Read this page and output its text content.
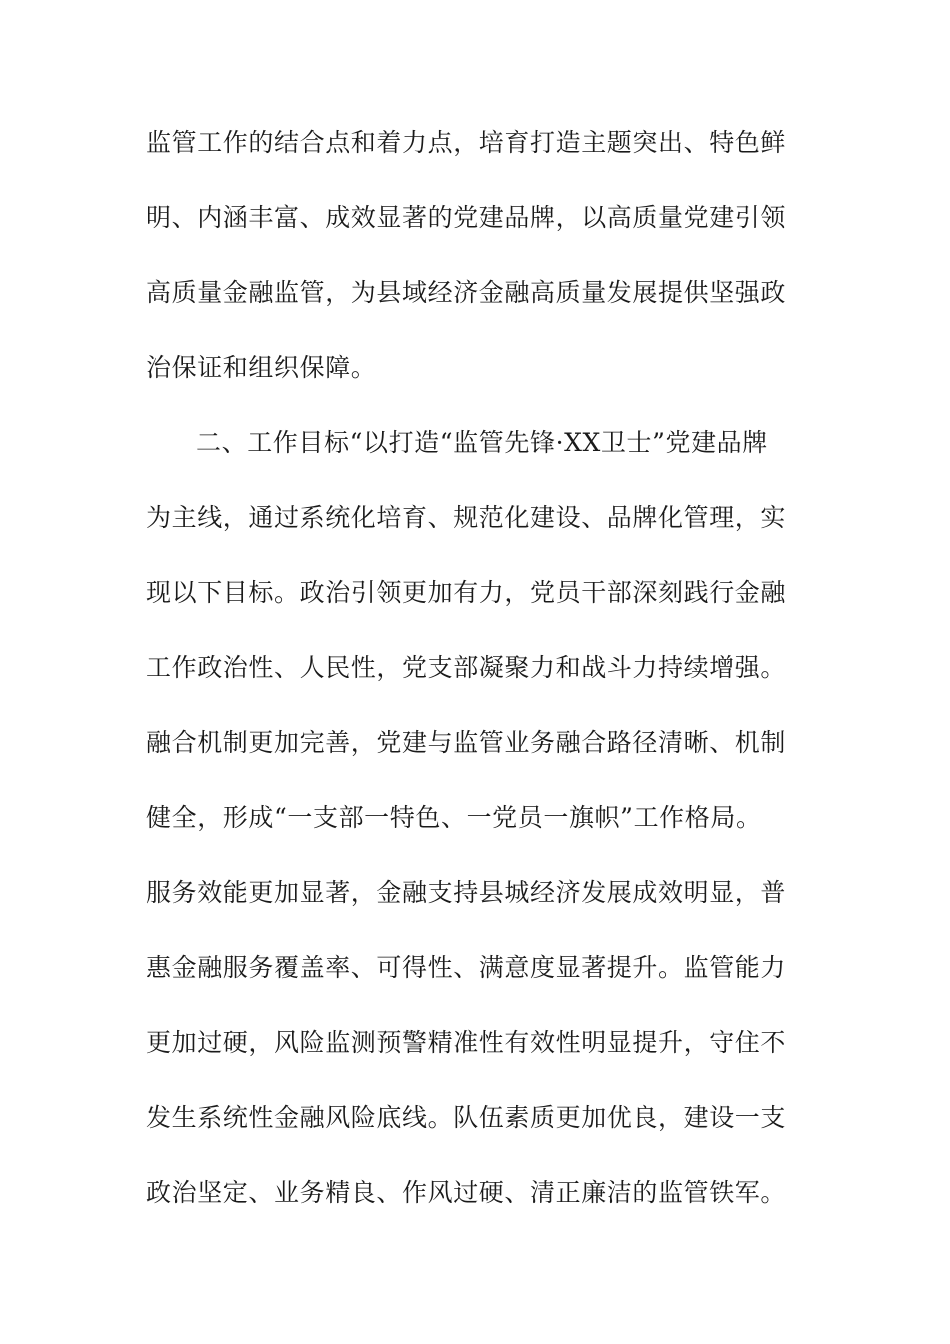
监管工作的结合点和着力点，培育打造主题突出、特色鲜
明、内涵丰富、成效显著的党建品牌，以高质量党建引领
高质量金融监管，为县域经济金融高质量发展提供坚强政
治保证和组织保障。
二、工作目标“以打造“监管先锋·XX卫士”党建品牌
为主线，通过系统化培育、规范化建设、品牌化管理，实
现以下目标。政治引领更加有力，党员干部深刻践行金融
工作政治性、人民性，党支部凝聚力和战斗力持续增强。
融合机制更加完善，党建与监管业务融合路径清晰、机制
健全，形成“一支部一特色、一党员一旗帜”工作格局。
服务效能更加显著，金融支持县城经济发展成效明显，普
惠金融服务覆盖率、可得性、满意度显著提升。监管能力
更加过硬，风险监测预警精准性有效性明显提升，守住不
发生系统性金融风险底线。队伍素质更加优良，建设一支
政治坚定、业务精良、作风过硬、清正廉洁的监管铁军。
